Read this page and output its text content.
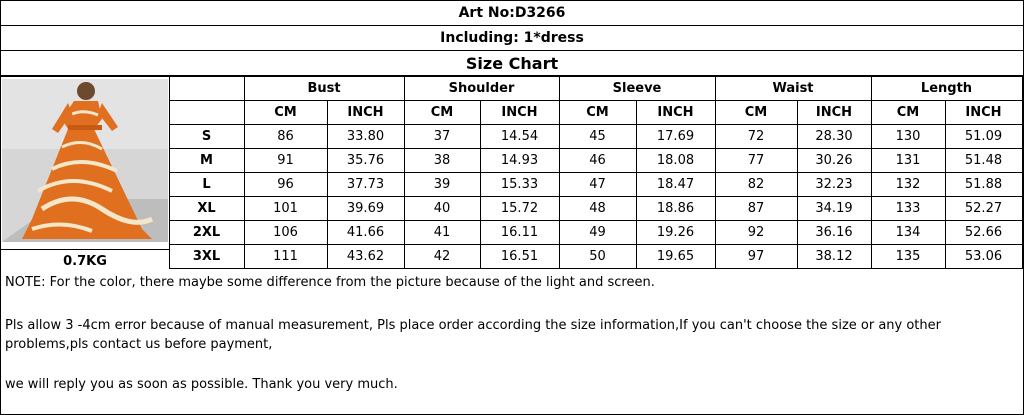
Art No:D3266
Including: 1*dress
Size Chart
		Bust		Shoulder		Sleeve		Waist		Length	
		CM	INCH	CM	INCH	CM	INCH	CM	INCH	CM	INCH
	S	86	33.80	37	14.54	45	17.69	72	28.30	130	51.09
	M	91	35.76	38	14.93	46	18.08	77	30.26	131	51.48
	L	96	37.73	39	15.33	47	18.47	82	32.23	132	51.88
	XL	101	39.69	40	15.72	48	18.86	87	34.19	133	52.27
	2XL	106	41.66	41	16.11	49	19.26	92	36.16	134	52.66
	3XL	111	43.62	42	16.51	50	19.65	97	38.12	135	53.06

NOTE: For the color, there maybe some difference from the picture because of the light and screen.

Pls allow 3 -4cm error because of manual measurement, Pls place order according the size information,If you can't choose the size or any other problems,pls contact us before payment,

we will reply you as soon as possible. Thank you very much.

0.7KG
